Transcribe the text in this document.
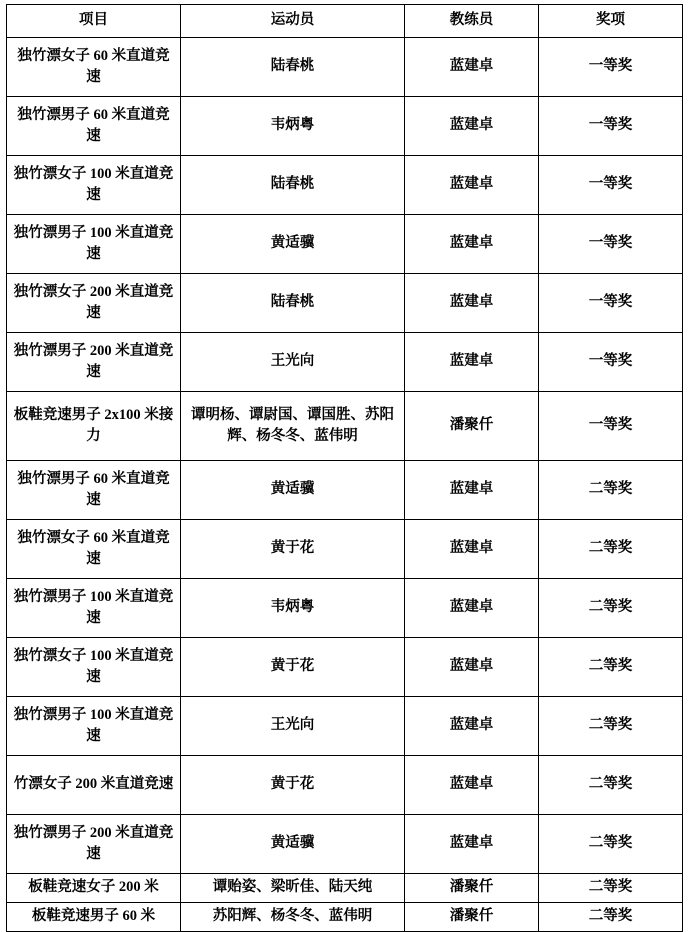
项目	运动员	教练员	奖项
独竹漂女子 60 米直道竞速	陆春桃	蓝建卓	一等奖
独竹漂男子 60 米直道竞速	韦炳粤	蓝建卓	一等奖
独竹漂女子 100 米直道竞速	陆春桃	蓝建卓	一等奖
独竹漂男子 100 米直道竞速	黄适骥	蓝建卓	一等奖
独竹漂女子 200 米直道竞速	陆春桃	蓝建卓	一等奖
独竹漂男子 200 米直道竞速	王光向	蓝建卓	一等奖
板鞋竞速男子 2x100 米接力	谭明杨、谭尉国、谭国胜、苏阳辉、杨冬冬、蓝伟明	潘聚仟	一等奖
独竹漂男子 60 米直道竞速	黄适骥	蓝建卓	二等奖
独竹漂女子 60 米直道竞速	黄于花	蓝建卓	二等奖
独竹漂男子 100 米直道竞速	韦炳粤	蓝建卓	二等奖
独竹漂女子 100 米直道竞速	黄于花	蓝建卓	二等奖
独竹漂男子 100 米直道竞速	王光向	蓝建卓	二等奖
竹漂女子 200 米直道竞速	黄于花	蓝建卓	二等奖
独竹漂男子 200 米直道竞速	黄适骥	蓝建卓	二等奖
板鞋竞速女子 200 米	谭贻姿、梁昕佳、陆天纯	潘聚仟	二等奖
板鞋竞速男子 60 米	苏阳辉、杨冬冬、蓝伟明	潘聚仟	二等奖
